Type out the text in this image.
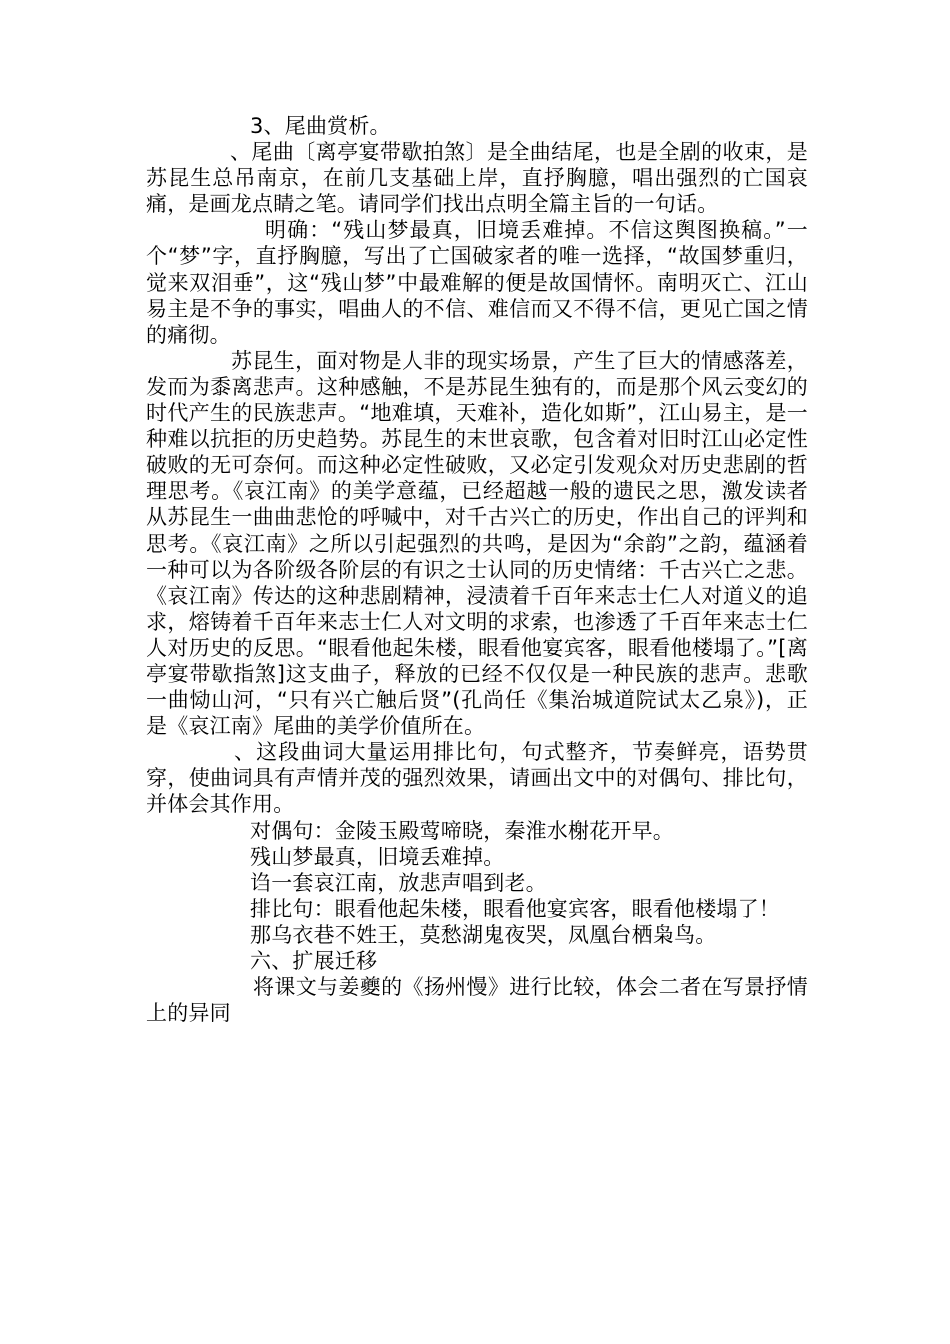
3、尾曲赏析。

、尾曲〔离亭宴带歇拍煞〕是全曲结尾，也是全剧的收束，是苏昆生总吊南京，在前几支基础上岸，直抒胸臆，唱出强烈的亡国哀痛，是画龙点睛之笔。请同学们找出点明全篇主旨的一句话。

明确：“残山梦最真，旧境丢难掉。不信这舆图换稿。”一个“梦”字，直抒胸臆，写出了亡国破家者的唯一选择，“故国梦重归，觉来双泪垂”，这“残山梦”中最难解的便是故国情怀。南明灭亡、江山易主是不争的事实，唱曲人的不信、难信而又不得不信，更见亡国之情的痛彻。

苏昆生，面对物是人非的现实场景，产生了巨大的情感落差，发而为黍离悲声。这种感触，不是苏昆生独有的，而是那个风云变幻的时代产生的民族悲声。“地难填，天难补，造化如斯”，江山易主，是一种难以抗拒的历史趋势。苏昆生的末世哀歌，包含着对旧时江山必定性破败的无可奈何。而这种必定性破败，又必定引发观众对历史悲剧的哲理思考。《哀江南》的美学意蕴，已经超越一般的遗民之思，激发读者从苏昆生一曲曲悲怆的呼喊中，对千古兴亡的历史，作出自己的评判和思考。《哀江南》之所以引起强烈的共鸣，是因为“余韵”之韵，蕴涵着一种可以为各阶级各阶层的有识之士认同的历史情绪：千古兴亡之悲。《哀江南》传达的这种悲剧精神，浸渍着千百年来志士仁人对道义的追求，熔铸着千百年来志士仁人对文明的求索，也渗透了千百年来志士仁人对历史的反思。“眼看他起朱楼，眼看他宴宾客，眼看他楼塌了。”[离亭宴带歇指煞]这支曲子，释放的已经不仅仅是一种民族的悲声。悲歌一曲恸山河，“只有兴亡触后贤”(孔尚任《集治城道院试太乙泉》)，正是《哀江南》尾曲的美学价值所在。

、这段曲词大量运用排比句，句式整齐，节奏鲜亮，语势贯穿，使曲词具有声情并茂的强烈效果，请画出文中的对偶句、排比句，并体会其作用。

对偶句：金陵玉殿莺啼晓，秦淮水榭花开早。

残山梦最真，旧境丢难掉。

诌一套哀江南，放悲声唱到老。

排比句：眼看他起朱楼，眼看他宴宾客，眼看他楼塌了！

那乌衣巷不姓王，莫愁湖鬼夜哭，凤凰台栖枭鸟。

六、扩展迁移

将课文与姜夔的《扬州慢》进行比较，体会二者在写景抒情上的异同
